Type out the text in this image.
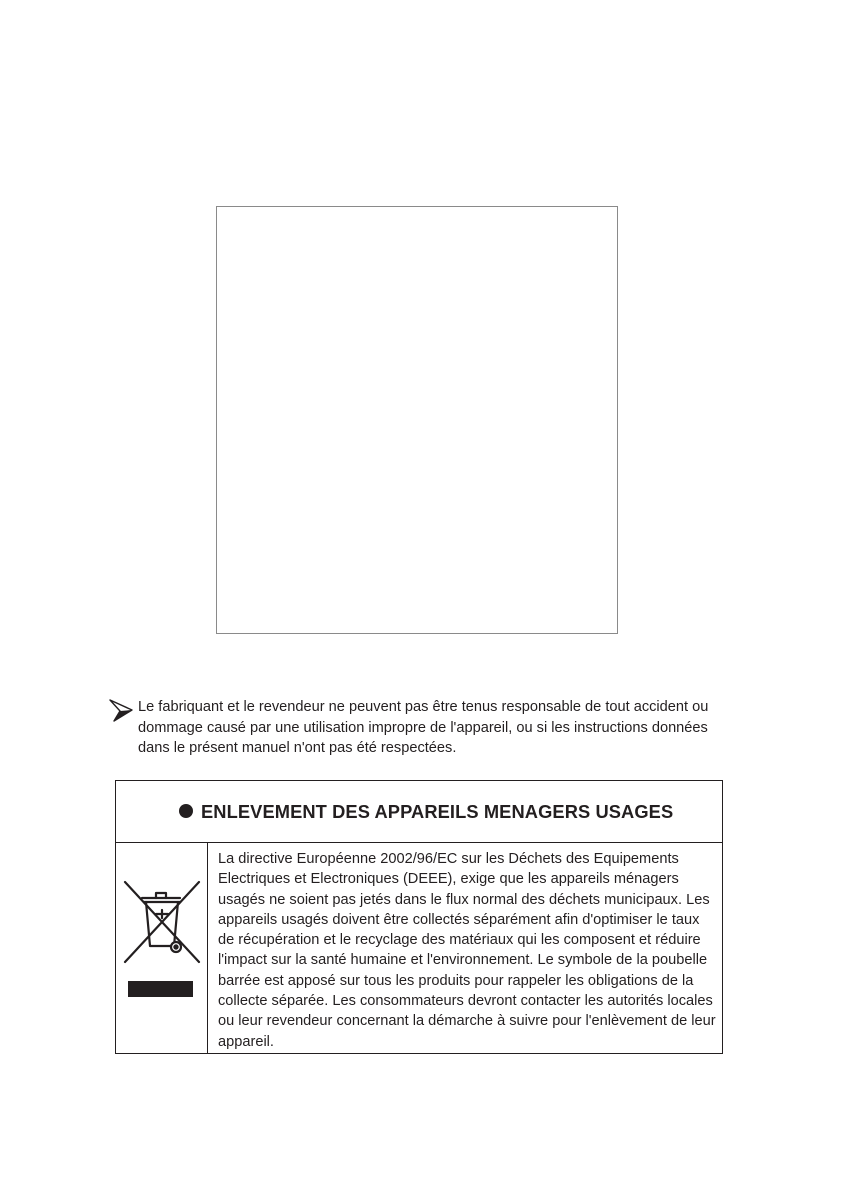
Le fabriquant et le revendeur ne peuvent pas être tenus responsable de tout accident ou dommage causé par une utilisation impropre de l'appareil, ou si les instructions données dans le présent manuel n'ont pas été respectées.

ENLEVEMENT DES APPAREILS MENAGERS USAGES

La directive Européenne 2002/96/EC sur les Déchets des Equipements Electriques et Electroniques (DEEE), exige que les appareils ménagers usagés ne soient pas jetés dans le flux normal des déchets municipaux. Les appareils usagés doivent être collectés séparément afin d'optimiser le taux de récupération et le recyclage des matériaux qui les composent et réduire l'impact sur la santé humaine et l'environnement. Le symbole de la poubelle barrée est apposé sur tous les produits pour rappeler les obligations de la collecte séparée. Les consommateurs devront contacter les autorités locales ou leur revendeur concernant la démarche à suivre pour l'enlèvement de leur appareil.
